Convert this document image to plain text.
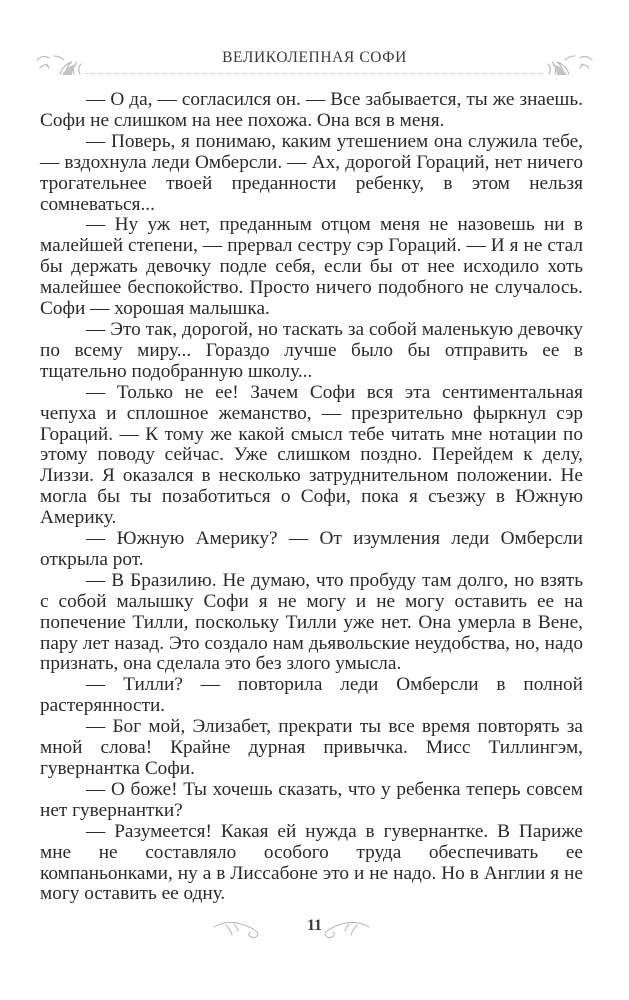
ВЕЛИКОЛЕПНАЯ СОФИ

— О да, — согласился он. — Все забывается, ты же знаешь. Софи не слишком на нее похожа. Она вся в меня.

— Поверь, я понимаю, каким утешением она служила тебе, — вздохнула леди Омберсли. — Ах, дорогой Гораций, нет ничего трогательнее твоей преданности ребенку, в этом нельзя сомневаться...

— Ну уж нет, преданным отцом меня не назовешь ни в малейшей степени, — прервал сестру сэр Гораций. — И я не стал бы держать девочку подле себя, если бы от нее исходило хоть малейшее беспокойство. Просто ничего подобного не случалось. Софи — хорошая малышка.

— Это так, дорогой, но таскать за собой маленькую девочку по всему миру... Гораздо лучше было бы отправить ее в тщательно подобранную школу...

— Только не ее! Зачем Софи вся эта сентиментальная чепуха и сплошное жеманство, — презрительно фыркнул сэр Гораций. — К тому же какой смысл тебе читать мне нотации по этому поводу сейчас. Уже слишком поздно. Перейдем к делу, Лиззи. Я оказался в несколько затруднительном положении. Не могла бы ты позаботиться о Софи, пока я съезжу в Южную Америку.

— Южную Америку? — От изумления леди Омберсли открыла рот.

— В Бразилию. Не думаю, что пробуду там долго, но взять с собой малышку Софи я не могу и не могу оставить ее на попечение Тилли, поскольку Тилли уже нет. Она умерла в Вене, пару лет назад. Это создало нам дьявольские неудобства, но, надо признать, она сделала это без злого умысла.

— Тилли? — повторила леди Омберсли в полной растерянности.

— Бог мой, Элизабет, прекрати ты все время повторять за мной слова! Крайне дурная привычка. Мисс Тиллингэм, гувернантка Софи.

— О боже! Ты хочешь сказать, что у ребенка теперь совсем нет гувернантки?

— Разумеется! Какая ей нужда в гувернантке. В Париже мне не составляло особого труда обеспечивать ее компаньонками, ну а в Лиссабоне это и не надо. Но в Англии я не могу оставить ее одну.

11
